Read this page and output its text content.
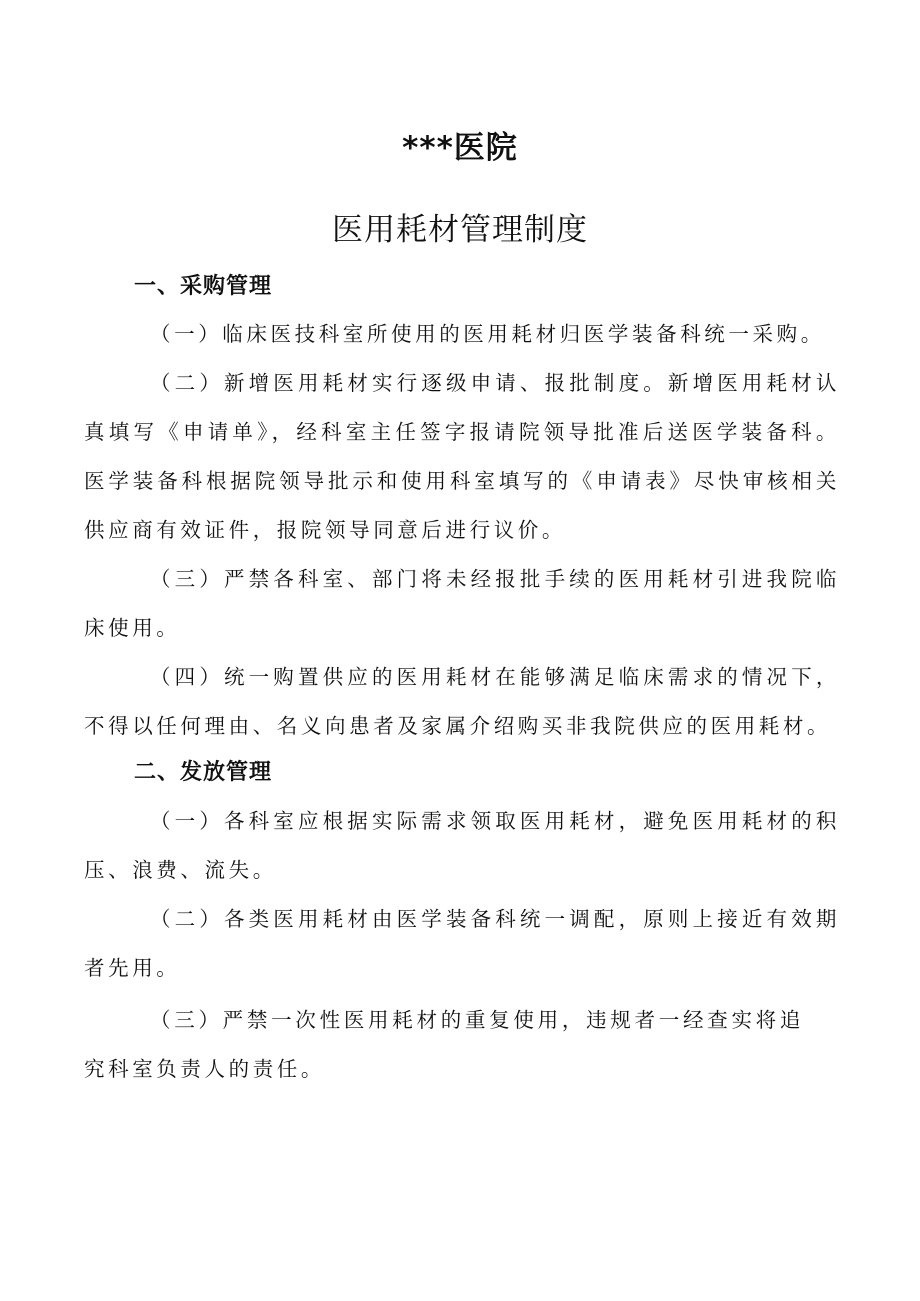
***医院
医用耗材管理制度
一、采购管理

（一）临床医技科室所使用的医用耗材归医学装备科统一采购。

（二）新增医用耗材实行逐级申请、报批制度。新增医用耗材认真填写《申请单》，经科室主任签字报请院领导批准后送医学装备科。医学装备科根据院领导批示和使用科室填写的《申请表》尽快审核相关供应商有效证件，报院领导同意后进行议价。

（三）严禁各科室、部门将未经报批手续的医用耗材引进我院临床使用。

（四）统一购置供应的医用耗材在能够满足临床需求的情况下，不得以任何理由、名义向患者及家属介绍购买非我院供应的医用耗材。

二、发放管理

（一）各科室应根据实际需求领取医用耗材，避免医用耗材的积压、浪费、流失。

（二）各类医用耗材由医学装备科统一调配，原则上接近有效期者先用。

（三）严禁一次性医用耗材的重复使用，违规者一经查实将追究科室负责人的责任。
